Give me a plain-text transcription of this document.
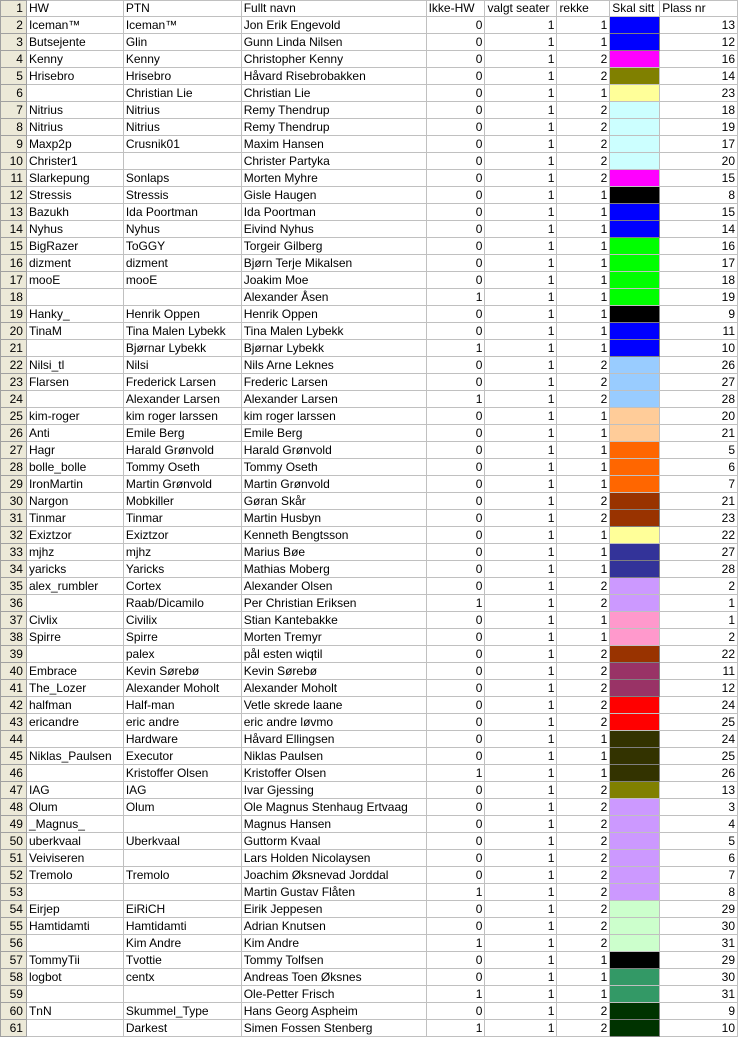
1	HW	PTN	Fullt navn	Ikke-HW	valgt seater	rekke	Skal sitt	Plass nr
2	Iceman™	Iceman™	Jon Erik Engevold	0	1	1		13
3	Butsejente	Glin	Gunn Linda Nilsen	0	1	1		12
4	Kenny	Kenny	Christopher Kenny	0	1	2		16
5	Hrisebro	Hrisebro	Håvard Risebrobakken	0	1	2		14
6		Christian Lie	Christian Lie	0	1	1		23
7	Nitrius	Nitrius	Remy Thendrup	0	1	2		18
8	Nitrius	Nitrius	Remy Thendrup	0	1	2		19
9	Maxp2p	Crusnik01	Maxim Hansen	0	1	2		17
10	Christer1		Christer Partyka	0	1	2		20
11	Slarkepung	Sonlaps	Morten Myhre	0	1	2		15
12	Stressis	Stressis	Gisle Haugen	0	1	1		8
13	Bazukh	Ida Poortman	Ida Poortman	0	1	1		15
14	Nyhus	Nyhus	Eivind Nyhus	0	1	1		14
15	BigRazer	ToGGY	Torgeir Gilberg	0	1	1		16
16	dizment	dizment	Bjørn Terje Mikalsen	0	1	1		17
17	mooE	mooE	Joakim Moe	0	1	1		18
18			Alexander Åsen	1	1	1		19
19	Hanky_	Henrik Oppen	Henrik Oppen	0	1	1		9
20	TinaM	Tina Malen Lybekk	Tina Malen Lybekk	0	1	1		11
21		Bjørnar Lybekk	Bjørnar Lybekk	1	1	1		10
22	Nilsi_tl	Nilsi	Nils Arne Leknes	0	1	2		26
23	Flarsen	Frederick Larsen	Frederic Larsen	0	1	2		27
24		Alexander Larsen	Alexander Larsen	1	1	2		28
25	kim-roger	kim roger larssen	kim roger larssen	0	1	1		20
26	Anti	Emile Berg	Emile Berg	0	1	1		21
27	Hagr	Harald Grønvold	Harald Grønvold	0	1	1		5
28	bolle_bolle	Tommy Oseth	Tommy Oseth	0	1	1		6
29	IronMartin	Martin Grønvold	Martin Grønvold	0	1	1		7
30	Nargon	Mobkiller	Gøran Skår	0	1	2		21
31	Tinmar	Tinmar	Martin Husbyn	0	1	2		23
32	Exiztzor	Exiztzor	Kenneth Bengtsson	0	1	1		22
33	mjhz	mjhz	Marius Bøe	0	1	1		27
34	yaricks	Yaricks	Mathias Moberg	0	1	1		28
35	alex_rumbler	Cortex	Alexander Olsen	0	1	2		2
36		Raab/Dicamilo	Per Christian Eriksen	1	1	2		1
37	Civlix	Civilix	Stian Kantebakke	0	1	1		1
38	Spirre	Spirre	Morten Tremyr	0	1	1		2
39		palex	pål esten wiqtil	0	1	2		22
40	Embrace	Kevin Sørebø	Kevin Sørebø	0	1	2		11
41	The_Lozer	Alexander Moholt	Alexander Moholt	0	1	2		12
42	halfman	Half-man	Vetle skrede laane	0	1	2		24
43	ericandre	eric andre	eric andre løvmo	0	1	2		25
44		Hardware	Håvard Ellingsen	0	1	1		24
45	Niklas_Paulsen	Executor	Niklas Paulsen	0	1	1		25
46		Kristoffer Olsen	Kristoffer Olsen	1	1	1		26
47	IAG	IAG	Ivar Gjessing	0	1	2		13
48	Olum	Olum	Ole Magnus Stenhaug Ertvaag	0	1	2		3
49	_Magnus_		Magnus Hansen	0	1	2		4
50	uberkvaal	Uberkvaal	Guttorm Kvaal	0	1	2		5
51	Veiviseren		Lars Holden Nicolaysen	0	1	2		6
52	Tremolo	Tremolo	Joachim Øksnevad Jorddal	0	1	2		7
53			Martin Gustav Flåten	1	1	2		8
54	Eirjep	EiRiCH	Eirik Jeppesen	0	1	2		29
55	Hamtidamti	Hamtidamti	Adrian Knutsen	0	1	2		30
56		Kim Andre	Kim Andre	1	1	2		31
57	TommyTii	Tvottie	Tommy Tolfsen	0	1	1		29
58	logbot	centx	Andreas Toen Øksnes	0	1	1		30
59			Ole-Petter Frisch	1	1	1		31
60	TnN	Skummel_Type	Hans Georg Aspheim	0	1	2		9
61		Darkest	Simen Fossen Stenberg	1	1	2		10
